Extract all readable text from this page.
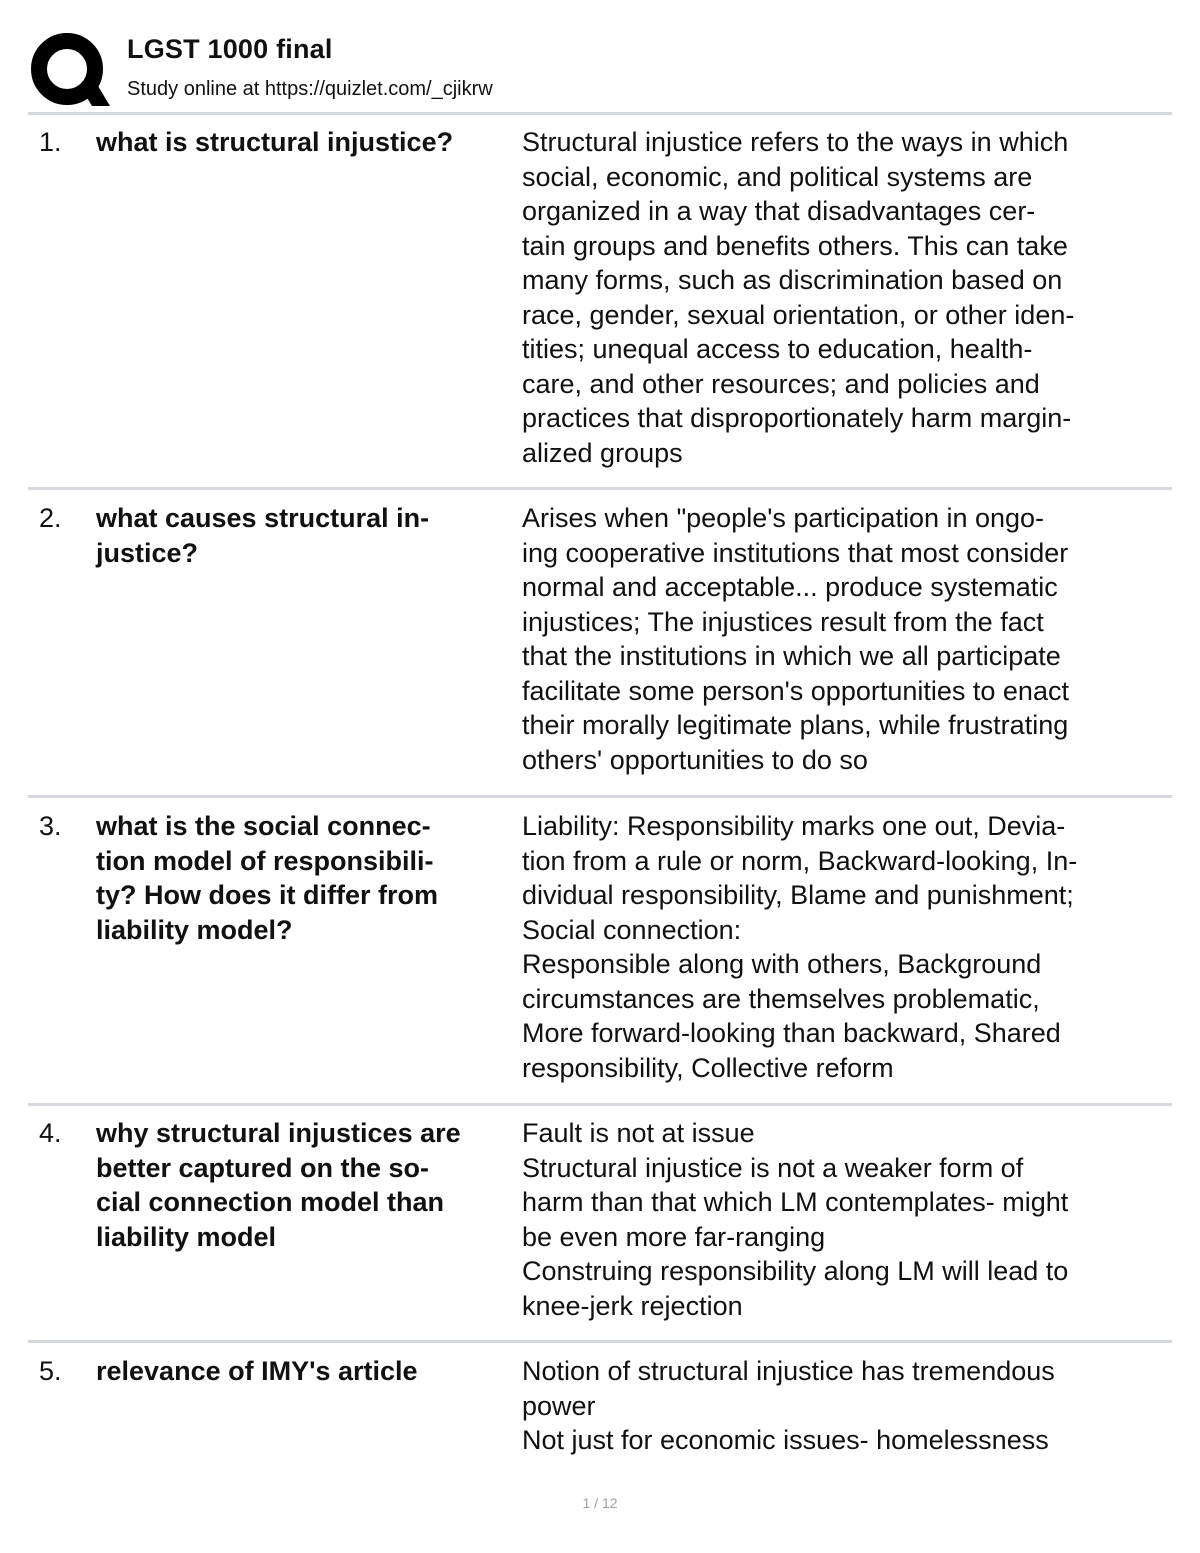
LGST 1000 final
Study online at https://quizlet.com/_cjikrw
1. what is structural injustice?	Structural injustice refers to the ways in which
social, economic, and political systems are
organized in a way that disadvantages cer-
tain groups and benefits others. This can take
many forms, such as discrimination based on
race, gender, sexual orientation, or other iden-
tities; unequal access to education, health-
care, and other resources; and policies and
practices that disproportionately harm margin-
alized groups
2. what causes structural in-
justice?
Arises when "people's participation in ongo-
ing cooperative institutions that most consider
normal and acceptable... produce systematic
injustices; The injustices result from the fact
that the institutions in which we all participate
facilitate some person's opportunities to enact
their morally legitimate plans, while frustrating
others' opportunities to do so
3. what is the social connec-
tion model of responsibili-
ty? How does it differ from
liability model?
Liability: Responsibility marks one out, Devia-
tion from a rule or norm, Backward-looking, In-
dividual responsibility, Blame and punishment;
Social connection:
Responsible along with others, Background
circumstances are themselves problematic,
More forward-looking than backward, Shared
responsibility, Collective reform
4. why structural injustices are
better captured on the so-
cial connection model than
liability model
Fault is not at issue
Structural injustice is not a weaker form of
harm than that which LM contemplates- might
be even more far-ranging
Construing responsibility along LM will lead to
knee-jerk rejection
5. relevance of IMY's article	Notion of structural injustice has tremendous
power
Not just for economic issues- homelessness
1 / 12
